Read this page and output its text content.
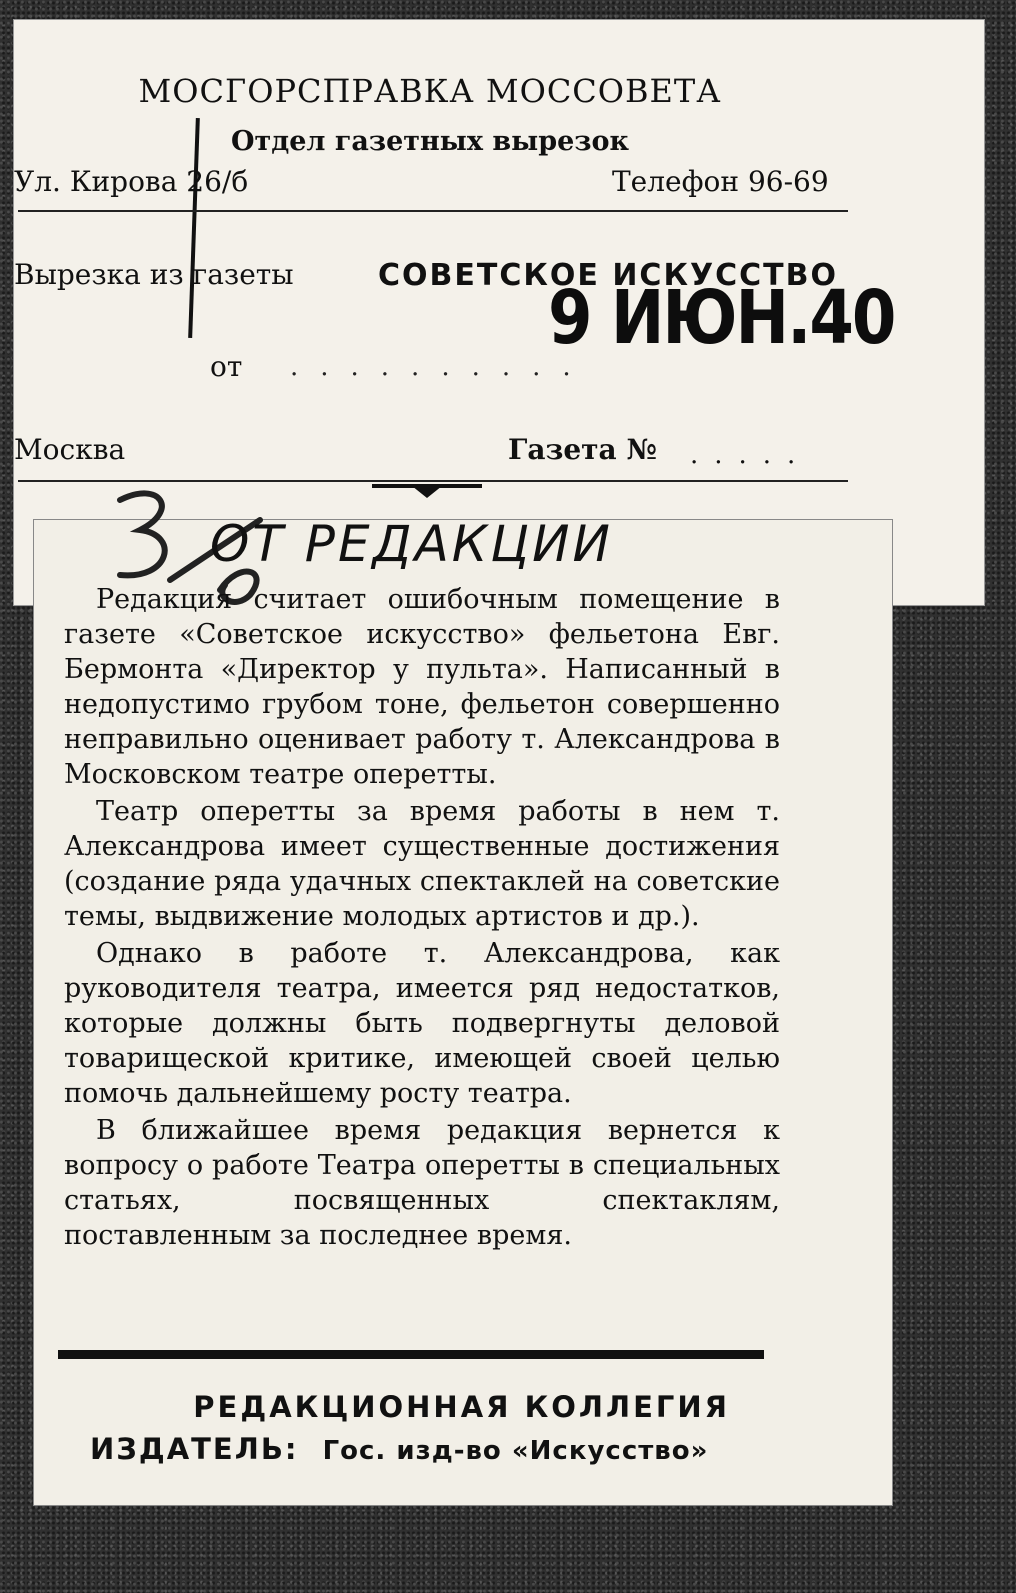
МОСГОРСПРАВКА МОССОВЕТА
Отдел газетных вырезок
Ул. Кирова 26/б	Телефон 96-69
Вырезка из газеты	СОВЕТСКОЕ ИСКУССТВО
9 ИЮН.40
от ..........
Москва	Газета № .....
ОТ РЕДАКЦИИ

Редакция считает ошибочным помещение в газете «Советское искусство» фельетона Евг. Бермонта «Директор у пульта». Написанный в недопустимо грубом тоне, фельетон совершенно неправильно оценивает работу т. Александрова в Московском театре оперетты.

Театр оперетты за время работы в нем т. Александрова имеет существенные достижения (создание ряда удачных спектаклей на советские темы, выдвижение молодых артистов и др.).

Однако в работе т. Александрова, как руководителя театра, имеется ряд недостатков, которые должны быть подвергнуты деловой товарищеской критике, имеющей своей целью помочь дальнейшему росту театра.

В ближайшее время редакция вернется к вопросу о работе Театра оперетты в специальных статьях, посвященных спектаклям, поставленным за последнее время.

РЕДАКЦИОННАЯ КОЛЛЕГИЯ
ИЗДАТЕЛЬ: Гос. изд-во «Искусство»
